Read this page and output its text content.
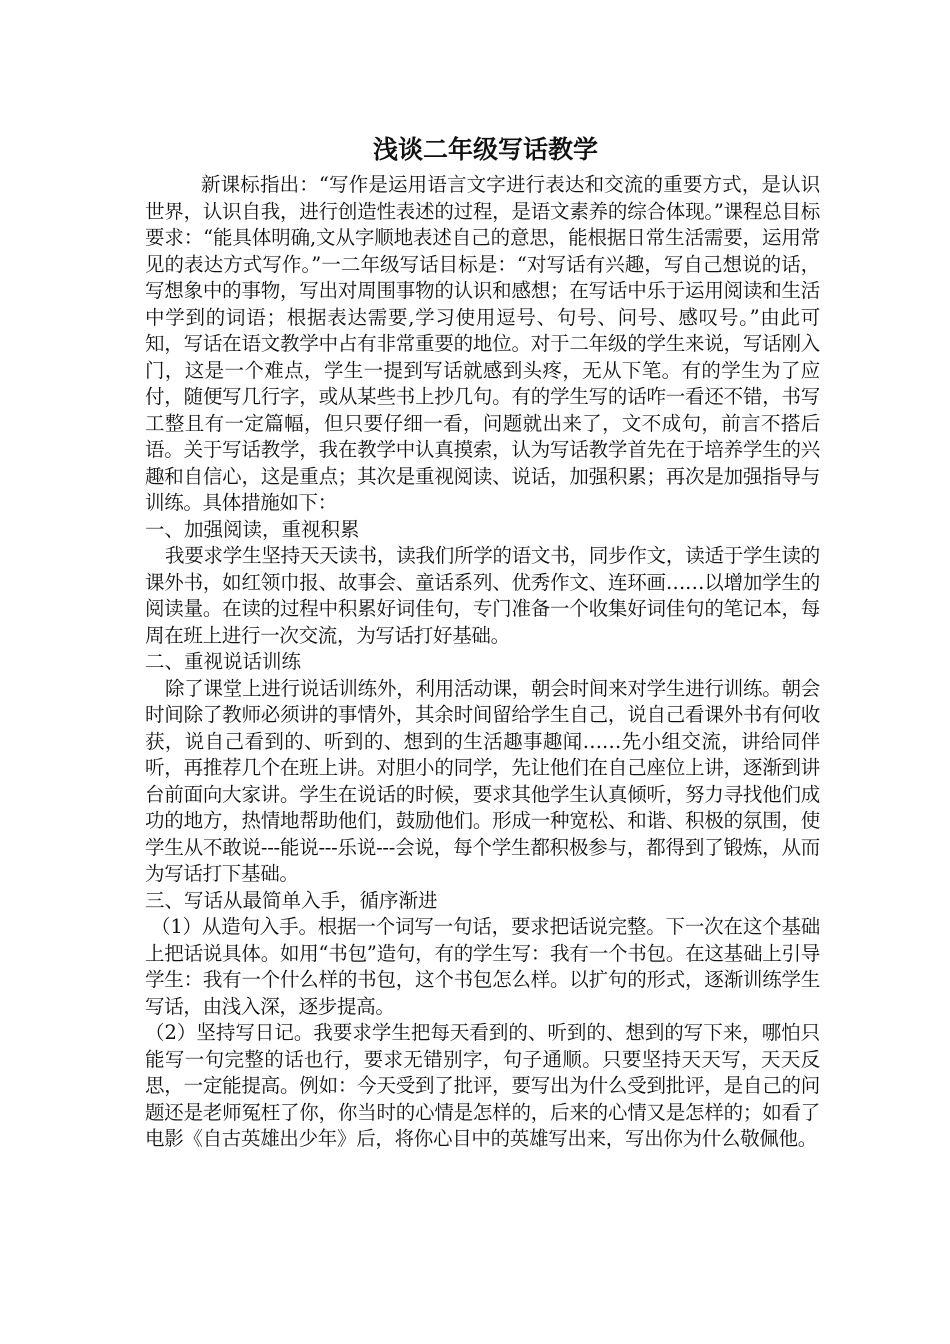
浅谈二年级写话教学

新课标指出：“写作是运用语言文字进行表达和交流的重要方式，是认识世界，认识自我，进行创造性表述的过程，是语文素养的综合体现。”课程总目标要求：“能具体明确,文从字顺地表述自己的意思，能根据日常生活需要，运用常见的表达方式写作。”一二年级写话目标是：“对写话有兴趣，写自己想说的话，写想象中的事物，写出对周围事物的认识和感想；在写话中乐于运用阅读和生活中学到的词语；根据表达需要,学习使用逗号、句号、问号、感叹号。”由此可知，写话在语文教学中占有非常重要的地位。对于二年级的学生来说，写话刚入门，这是一个难点，学生一提到写话就感到头疼，无从下笔。有的学生为了应付，随便写几行字，或从某些书上抄几句。有的学生写的话咋一看还不错，书写工整且有一定篇幅，但只要仔细一看，问题就出来了，文不成句，前言不搭后语。关于写话教学，我在教学中认真摸索，认为写话教学首先在于培养学生的兴趣和自信心，这是重点；其次是重视阅读、说话，加强积累；再次是加强指导与训练。具体措施如下：

一、加强阅读，重视积累

我要求学生坚持天天读书，读我们所学的语文书，同步作文，读适于学生读的课外书，如红领巾报、故事会、童话系列、优秀作文、连环画……以增加学生的阅读量。在读的过程中积累好词佳句，专门准备一个收集好词佳句的笔记本，每周在班上进行一次交流，为写话打好基础。

二、重视说话训练

除了课堂上进行说话训练外，利用活动课，朝会时间来对学生进行训练。朝会时间除了教师必须讲的事情外，其余时间留给学生自己，说自己看课外书有何收获，说自己看到的、听到的、想到的生活趣事趣闻……先小组交流，讲给同伴听，再推荐几个在班上讲。对胆小的同学，先让他们在自己座位上讲，逐渐到讲台前面向大家讲。学生在说话的时候，要求其他学生认真倾听，努力寻找他们成功的地方，热情地帮助他们，鼓励他们。形成一种宽松、和谐、积极的氛围，使学生从不敢说---能说---乐说---会说，每个学生都积极参与，都得到了锻炼，从而为写话打下基础。

三、写话从最简单入手，循序渐进

（1）从造句入手。根据一个词写一句话，要求把话说完整。下一次在这个基础上把话说具体。如用“书包”造句，有的学生写：我有一个书包。在这基础上引导学生：我有一个什么样的书包，这个书包怎么样。以扩句的形式，逐渐训练学生写话，由浅入深，逐步提高。

（2）坚持写日记。我要求学生把每天看到的、听到的、想到的写下来，哪怕只能写一句完整的话也行，要求无错别字，句子通顺。只要坚持天天写，天天反思，一定能提高。例如：今天受到了批评，要写出为什么受到批评，是自己的问题还是老师冤枉了你，你当时的心情是怎样的，后来的心情又是怎样的；如看了电影《自古英雄出少年》后，将你心目中的英雄写出来，写出你为什么敬佩他。
